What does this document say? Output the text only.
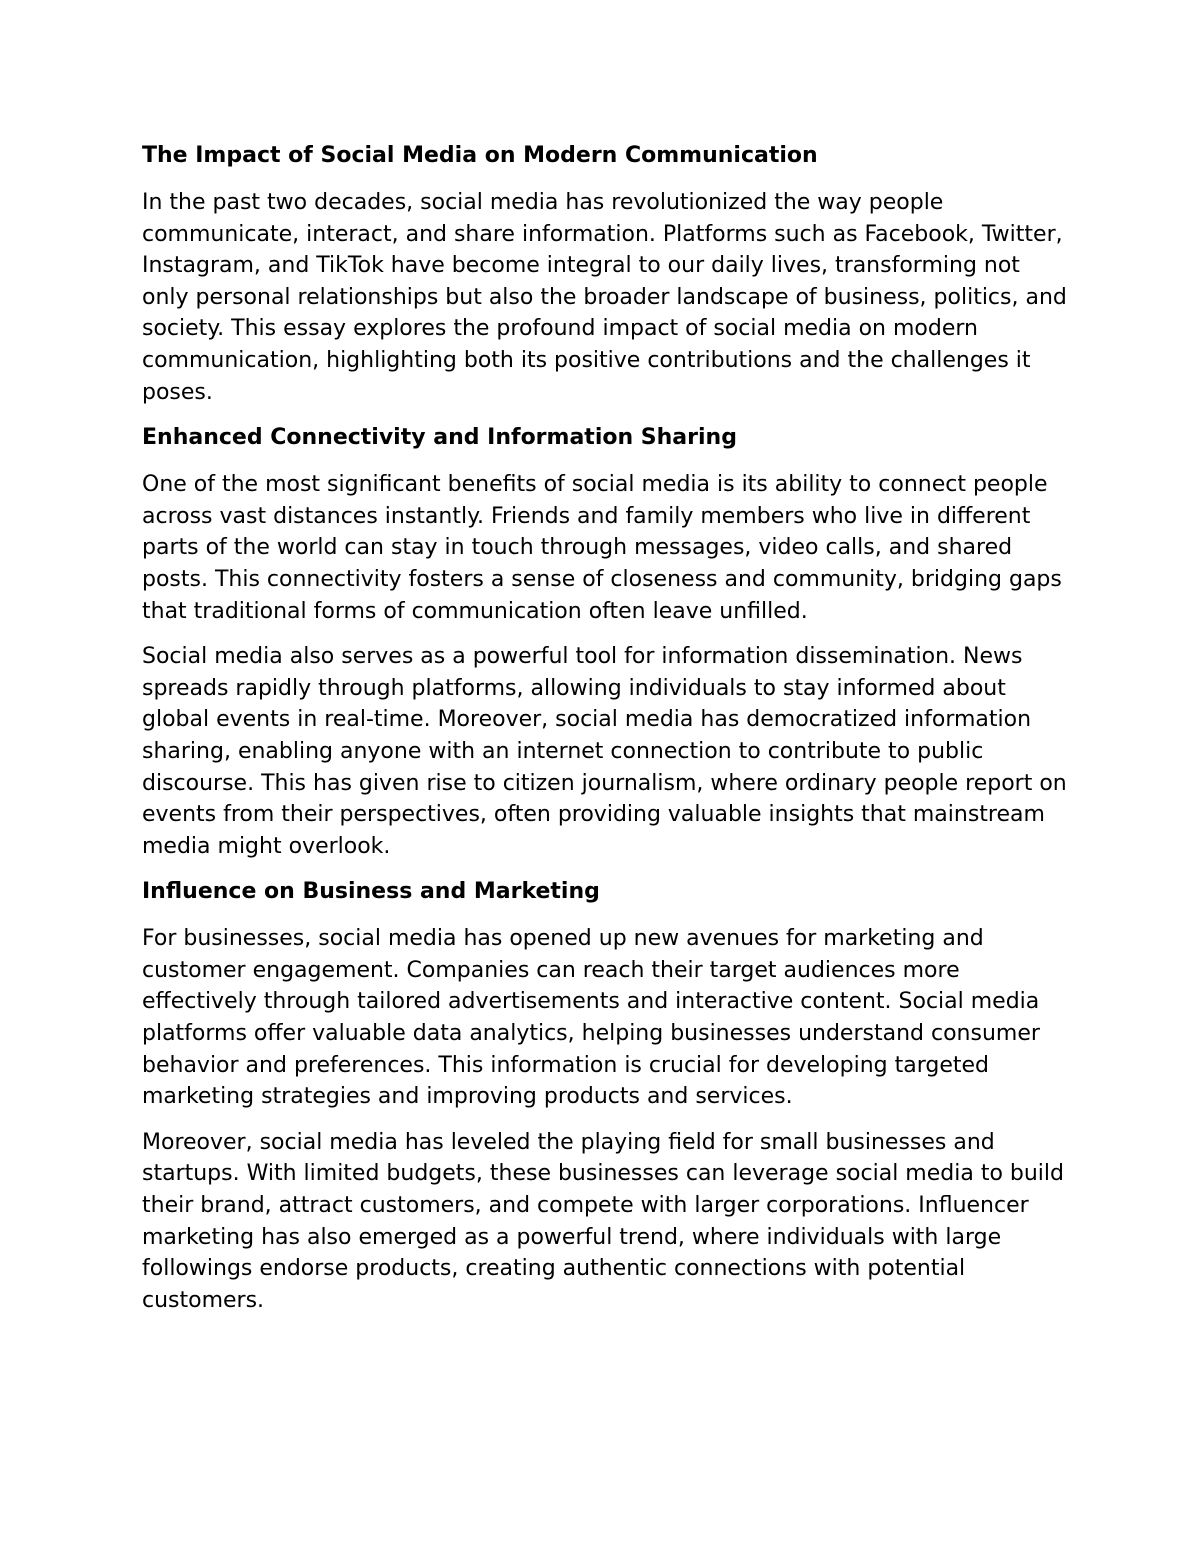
The Impact of Social Media on Modern Communication

In the past two decades, social media has revolutionized the way people communicate, interact, and share information. Platforms such as Facebook, Twitter, Instagram, and TikTok have become integral to our daily lives, transforming not only personal relationships but also the broader landscape of business, politics, and society. This essay explores the profound impact of social media on modern communication, highlighting both its positive contributions and the challenges it poses.

Enhanced Connectivity and Information Sharing

One of the most significant benefits of social media is its ability to connect people across vast distances instantly. Friends and family members who live in different parts of the world can stay in touch through messages, video calls, and shared posts. This connectivity fosters a sense of closeness and community, bridging gaps that traditional forms of communication often leave unfilled.

Social media also serves as a powerful tool for information dissemination. News spreads rapidly through platforms, allowing individuals to stay informed about global events in real-time. Moreover, social media has democratized information sharing, enabling anyone with an internet connection to contribute to public discourse. This has given rise to citizen journalism, where ordinary people report on events from their perspectives, often providing valuable insights that mainstream media might overlook.

Influence on Business and Marketing

For businesses, social media has opened up new avenues for marketing and customer engagement. Companies can reach their target audiences more effectively through tailored advertisements and interactive content. Social media platforms offer valuable data analytics, helping businesses understand consumer behavior and preferences. This information is crucial for developing targeted marketing strategies and improving products and services.

Moreover, social media has leveled the playing field for small businesses and startups. With limited budgets, these businesses can leverage social media to build their brand, attract customers, and compete with larger corporations. Influencer marketing has also emerged as a powerful trend, where individuals with large followings endorse products, creating authentic connections with potential customers.
